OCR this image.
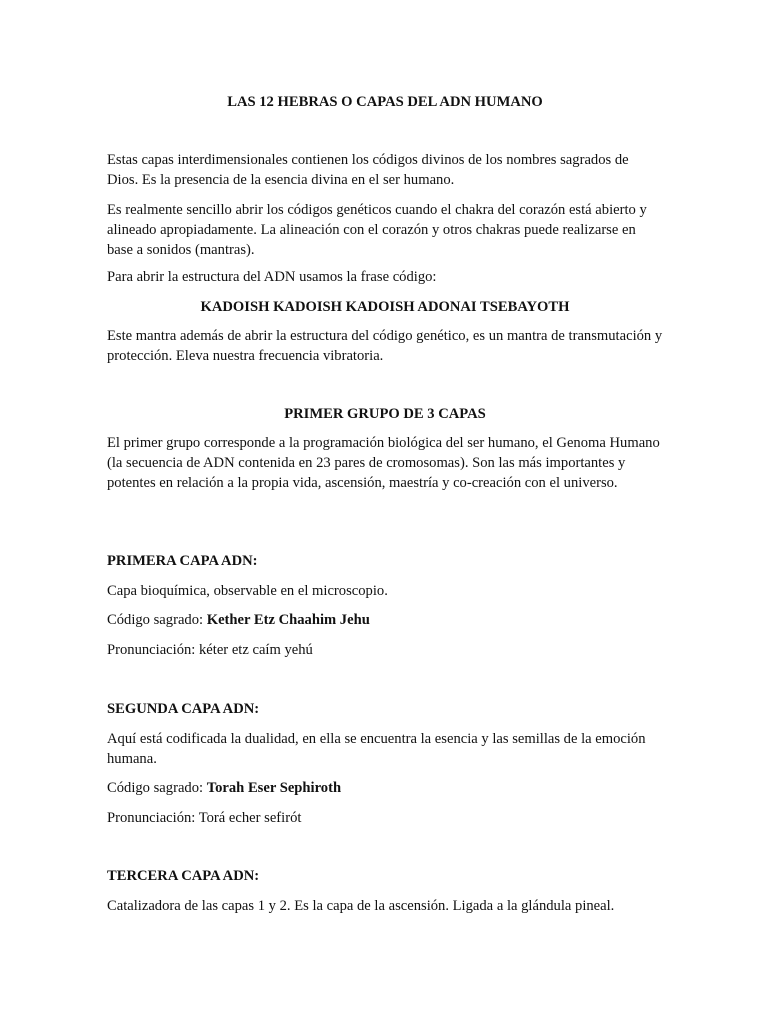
LAS 12 HEBRAS O CAPAS DEL ADN HUMANO

Estas capas interdimensionales contienen los códigos divinos de los nombres sagrados de Dios. Es la presencia de la esencia divina en el ser humano.

Es realmente sencillo abrir los códigos genéticos cuando el chakra del corazón está abierto y alineado apropiadamente. La alineación con el corazón y otros chakras puede realizarse en base a sonidos (mantras).

Para abrir la estructura del ADN usamos la frase código:

KADOISH KADOISH KADOISH ADONAI TSEBAYOTH

Este mantra además de abrir la estructura del código genético, es un mantra de transmutación y protección. Eleva nuestra frecuencia vibratoria.

PRIMER GRUPO DE 3 CAPAS

El primer grupo corresponde a la programación biológica del ser humano, el Genoma Humano (la secuencia de ADN contenida en 23 pares de cromosomas). Son las más importantes y potentes en relación a la propia vida, ascensión, maestría y co-creación con el universo.

PRIMERA CAPA ADN:

Capa bioquímica, observable en el microscopio.

Código sagrado: Kether Etz Chaahim Jehu

Pronunciación: kéter etz caím yehú

SEGUNDA CAPA ADN:

Aquí está codificada la dualidad, en ella se encuentra la esencia y las semillas de la emoción humana.

Código sagrado: Torah Eser Sephiroth

Pronunciación: Torá echer sefirót

TERCERA CAPA ADN:

Catalizadora de las capas 1 y 2. Es la capa de la ascensión. Ligada a la glándula pineal.
